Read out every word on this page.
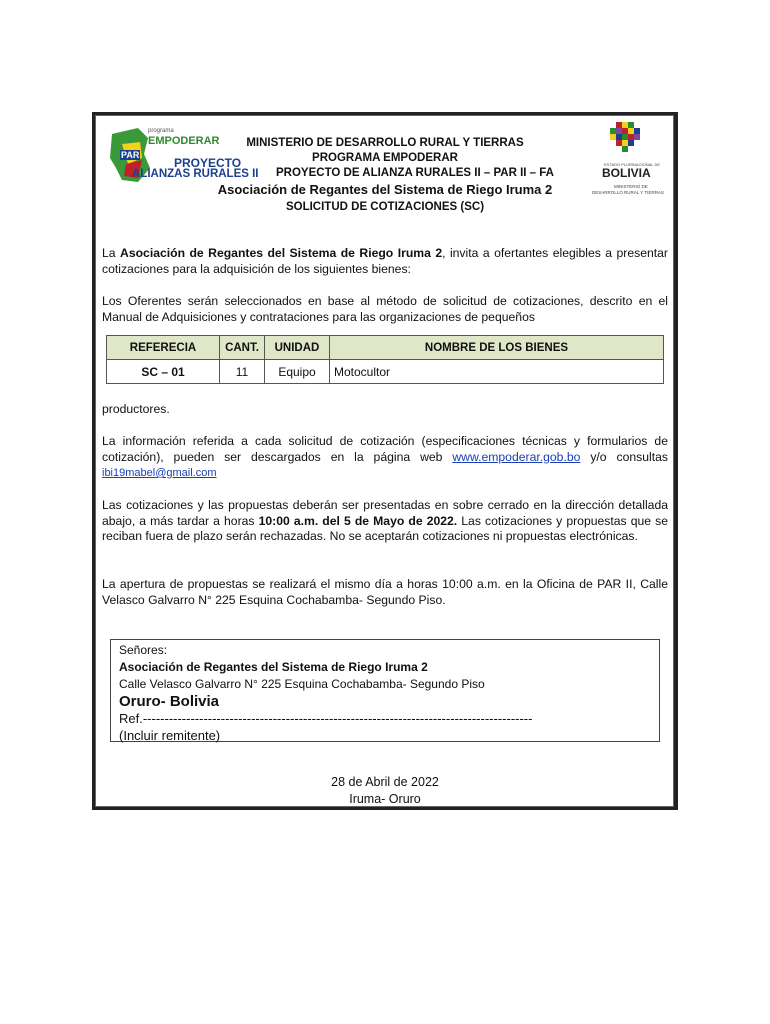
programa
EMPODERAR
PAR
PROYECTO
ALIANZAS RURALES II
ESTADO PLURINACIONAL DE
BOLIVIA
MINISTERIO DE
DESARROLLO RURAL Y TIERRAS
MINISTERIO DE DESARROLLO RURAL Y TIERRAS
PROGRAMA EMPODERAR
PROYECTO DE ALIANZA RURALES II – PAR II – FA
Asociación de Regantes del Sistema de Riego Iruma 2
SOLICITUD DE COTIZACIONES (SC)
La Asociación de Regantes del Sistema de Riego Iruma 2, invita a ofertantes elegibles a presentar cotizaciones para la adquisición de los siguientes bienes:
Los Oferentes serán seleccionados en base al método de solicitud de cotizaciones, descrito en el Manual de Adquisiciones y contrataciones para las organizaciones de pequeños
REFERECIA	CANT.	UNIDAD	NOMBRE DE LOS BIENES
SC – 01	11	Equipo	Motocultor
productores.
La información referida a cada solicitud de cotización (especificaciones técnicas y formularios de cotización), pueden ser descargados en la página web www.empoderar.gob.bo y/o consultas ibi19mabel@gmail.com
Las cotizaciones y las propuestas deberán ser presentadas en sobre cerrado en la dirección detallada abajo, a más tardar a horas 10:00 a.m. del 5 de Mayo de 2022. Las cotizaciones y propuestas que se reciban fuera de plazo serán rechazadas. No se aceptarán cotizaciones ni propuestas electrónicas.
La apertura de propuestas se realizará el mismo día a horas 10:00 a.m. en la Oficina de PAR II, Calle Velasco Galvarro N° 225 Esquina Cochabamba- Segundo Piso.
Señores:
Asociación de Regantes del Sistema de Riego Iruma 2
Calle Velasco Galvarro N° 225 Esquina Cochabamba- Segundo Piso
Oruro- Bolivia
Ref.------------------------------------------------------------------------------------------
(Incluir remitente)
28 de Abril de 2022
Iruma- Oruro
